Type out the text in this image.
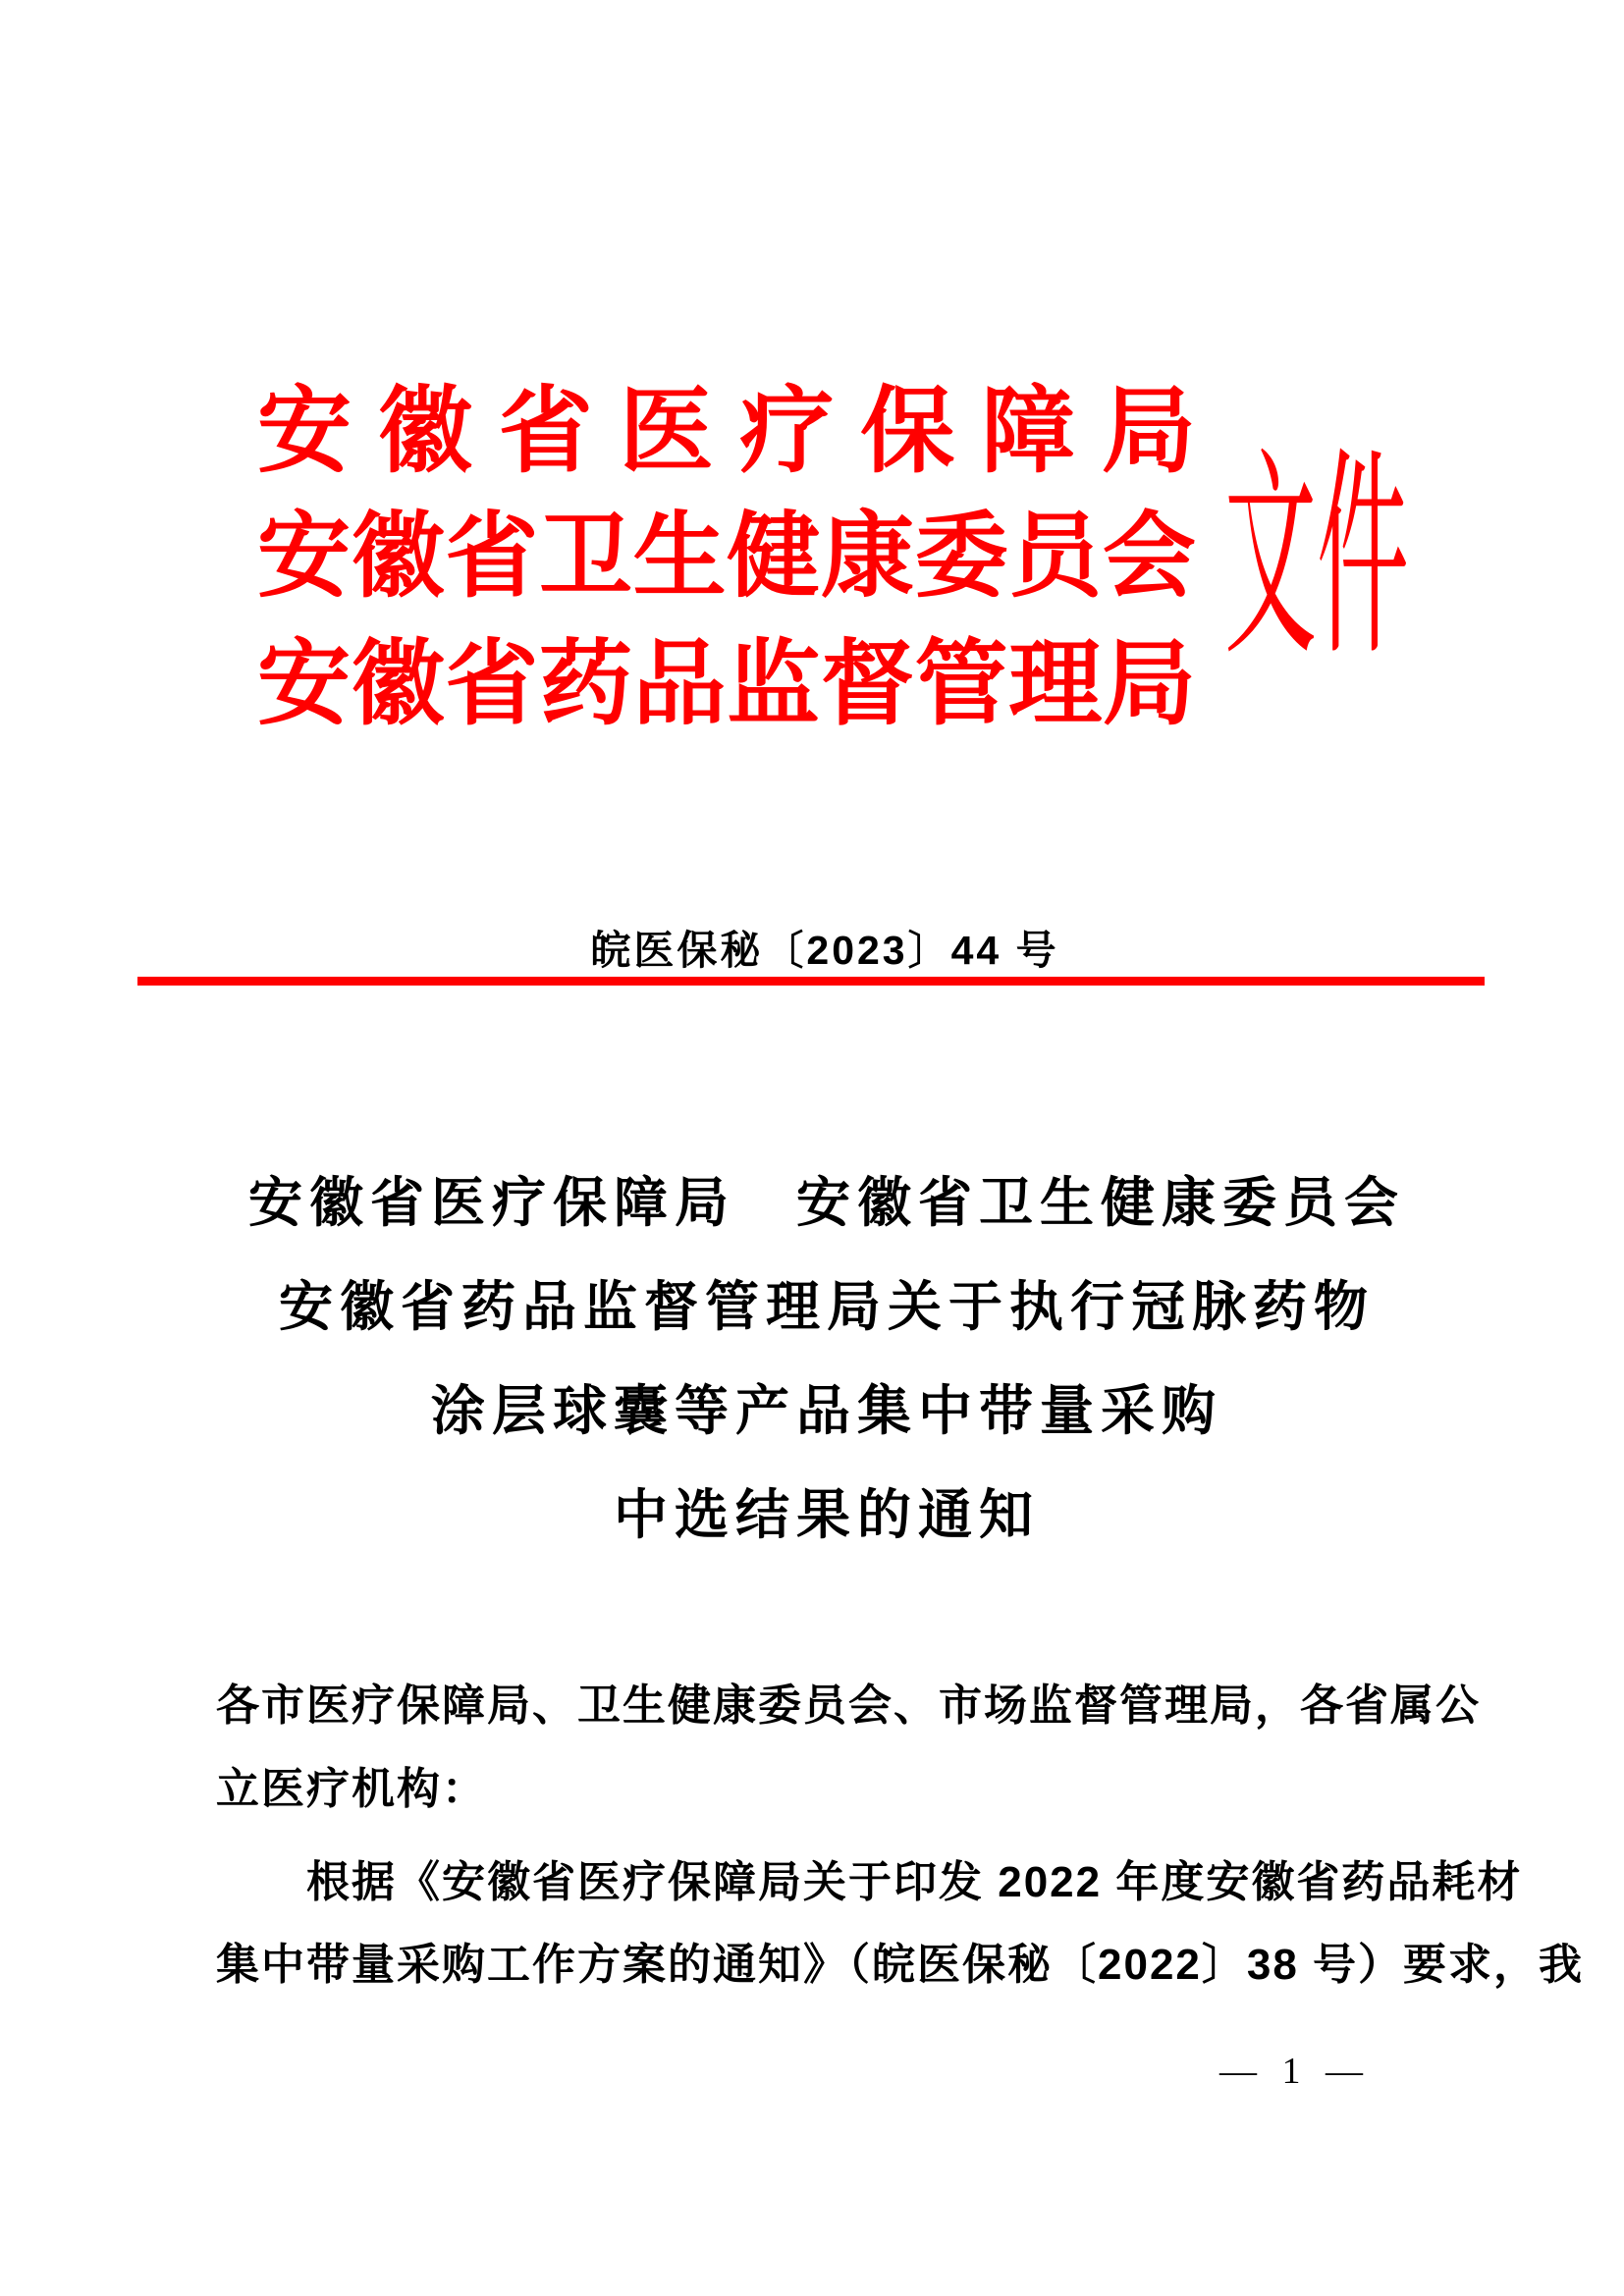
安 徽 省 医 疗 保 障 局
安 徽 省 卫 生 健 康 委 员 会
安 徽 省 药 品 监 督 管 理 局
文件
皖医保秘〔2023〕44 号
安徽省医疗保障局　安徽省卫生健康委员会
安徽省药品监督管理局关于执行冠脉药物
涂层球囊等产品集中带量采购
中选结果的通知
各市医疗保障局、卫生健康委员会、市场监督管理局，各省属公
立医疗机构：
根据《安徽省医疗保障局关于印发 2022 年度安徽省药品耗材
集中带量采购工作方案的通知》（皖医保秘〔2022〕38 号）要求，我
— 1 —
